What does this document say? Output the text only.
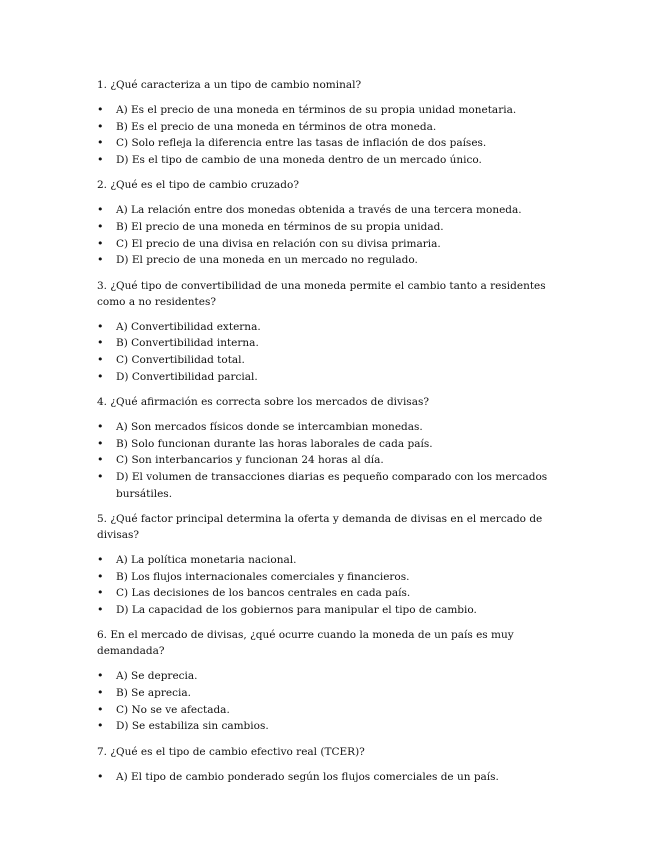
1. ¿Qué caracteriza a un tipo de cambio nominal?

• A) Es el precio de una moneda en términos de su propia unidad monetaria.
• B) Es el precio de una moneda en términos de otra moneda.
• C) Solo refleja la diferencia entre las tasas de inflación de dos países.
• D) Es el tipo de cambio de una moneda dentro de un mercado único.

2. ¿Qué es el tipo de cambio cruzado?

• A) La relación entre dos monedas obtenida a través de una tercera moneda.
• B) El precio de una moneda en términos de su propia unidad.
• C) El precio de una divisa en relación con su divisa primaria.
• D) El precio de una moneda en un mercado no regulado.

3. ¿Qué tipo de convertibilidad de una moneda permite el cambio tanto a residentes como a no residentes?

• A) Convertibilidad externa.
• B) Convertibilidad interna.
• C) Convertibilidad total.
• D) Convertibilidad parcial.

4. ¿Qué afirmación es correcta sobre los mercados de divisas?

• A) Son mercados físicos donde se intercambian monedas.
• B) Solo funcionan durante las horas laborales de cada país.
• C) Son interbancarios y funcionan 24 horas al día.
• D) El volumen de transacciones diarias es pequeño comparado con los mercados bursátiles.

5. ¿Qué factor principal determina la oferta y demanda de divisas en el mercado de divisas?

• A) La política monetaria nacional.
• B) Los flujos internacionales comerciales y financieros.
• C) Las decisiones de los bancos centrales en cada país.
• D) La capacidad de los gobiernos para manipular el tipo de cambio.

6. En el mercado de divisas, ¿qué ocurre cuando la moneda de un país es muy demandada?

• A) Se deprecia.
• B) Se aprecia.
• C) No se ve afectada.
• D) Se estabiliza sin cambios.

7. ¿Qué es el tipo de cambio efectivo real (TCER)?

• A) El tipo de cambio ponderado según los flujos comerciales de un país.
